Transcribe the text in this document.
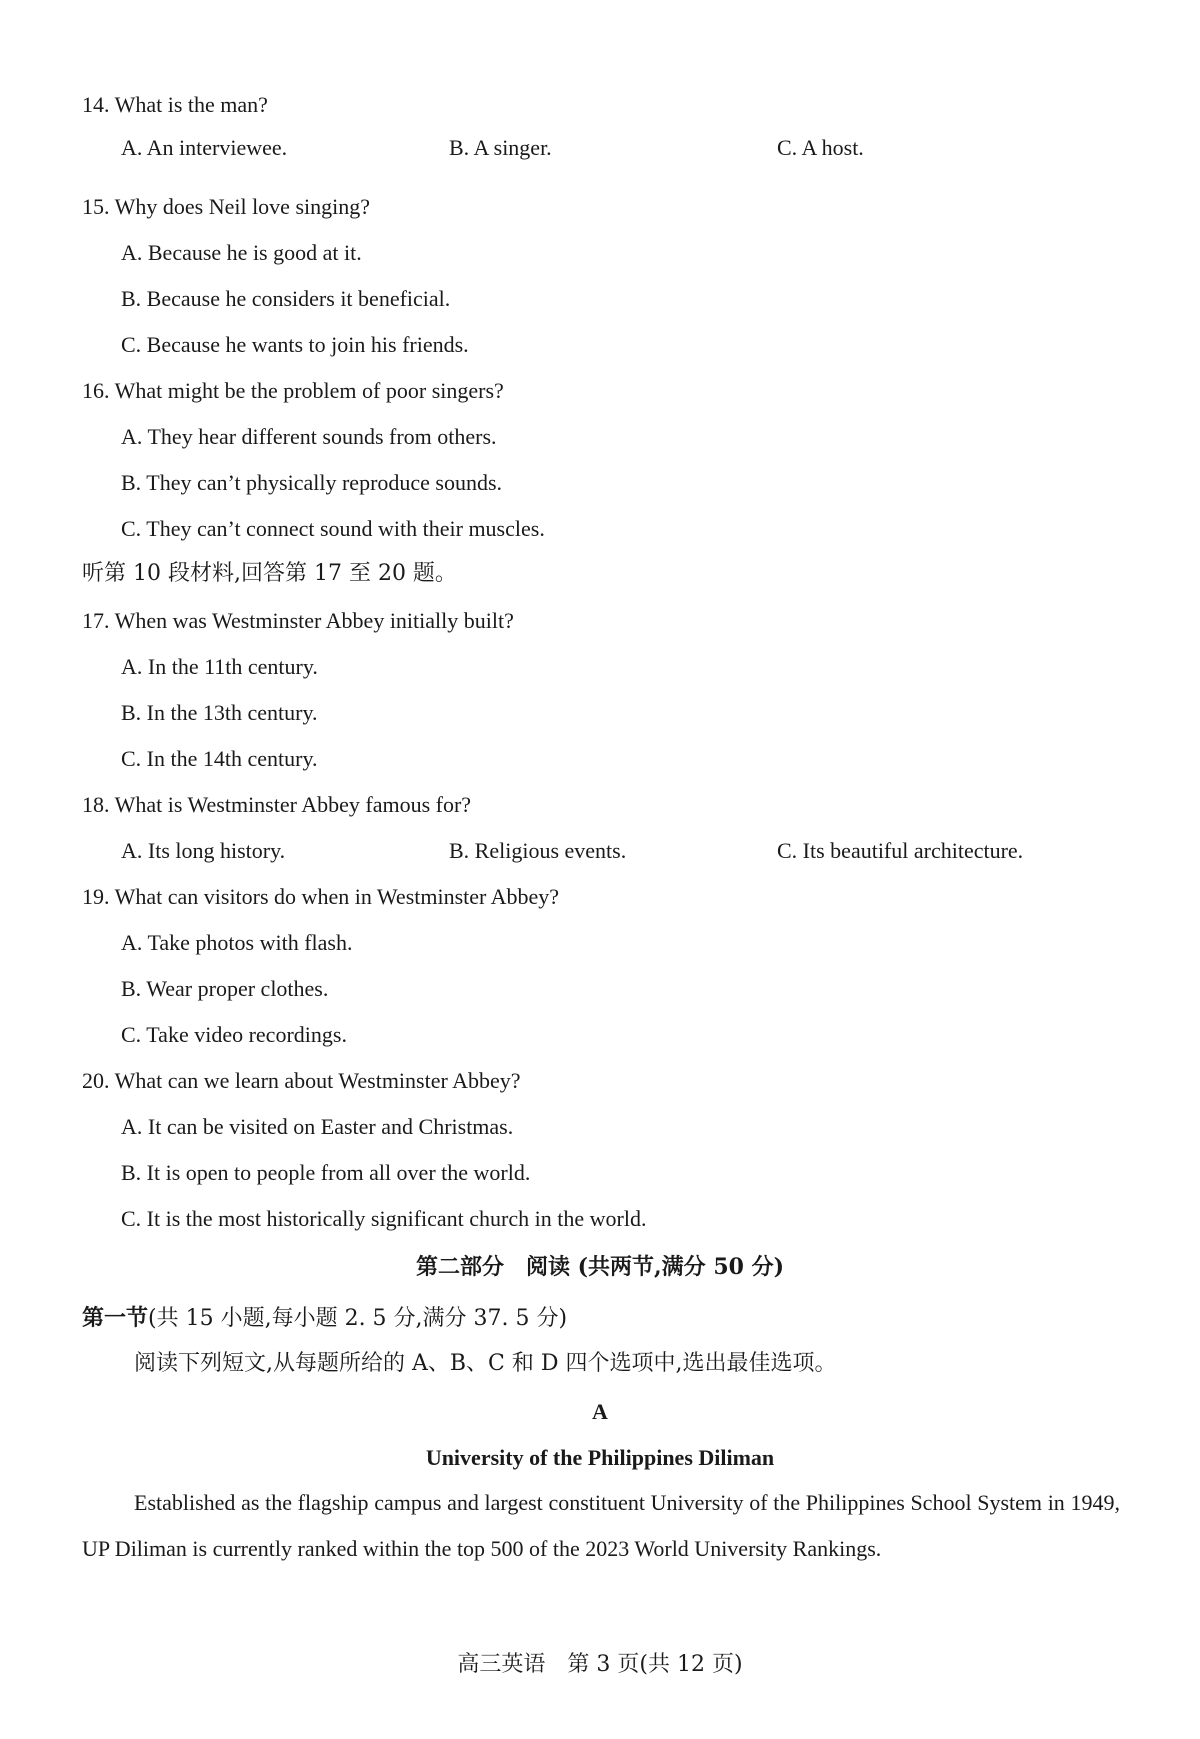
14. What is the man?
A. An interviewee.	B. A singer.	C. A host.
15. Why does Neil love singing?
A. Because he is good at it.
B. Because he considers it beneficial.
C. Because he wants to join his friends.
16. What might be the problem of poor singers?
A. They hear different sounds from others.
B. They can’t physically reproduce sounds.
C. They can’t connect sound with their muscles.
听第 10 段材料,回答第 17 至 20 题。
17. When was Westminster Abbey initially built?
A. In the 11th century.
B. In the 13th century.
C. In the 14th century.
18. What is Westminster Abbey famous for?
A. Its long history.	B. Religious events.	C. Its beautiful architecture.
19. What can visitors do when in Westminster Abbey?
A. Take photos with flash.
B. Wear proper clothes.
C. Take video recordings.
20. What can we learn about Westminster Abbey?
A. It can be visited on Easter and Christmas.
B. It is open to people from all over the world.
C. It is the most historically significant church in the world.
第二部分　阅读 (共两节,满分 50 分)
第一节(共 15 小题,每小题 2. 5 分,满分 37. 5 分)
阅读下列短文,从每题所给的 A、B、C 和 D 四个选项中,选出最佳选项。
A
University of the Philippines Diliman
Established as the flagship campus and largest constituent University of the Philippines School System in 1949, UP Diliman is currently ranked within the top 500 of the 2023 World University Rankings.
高三英语　第 3 页(共 12 页)
